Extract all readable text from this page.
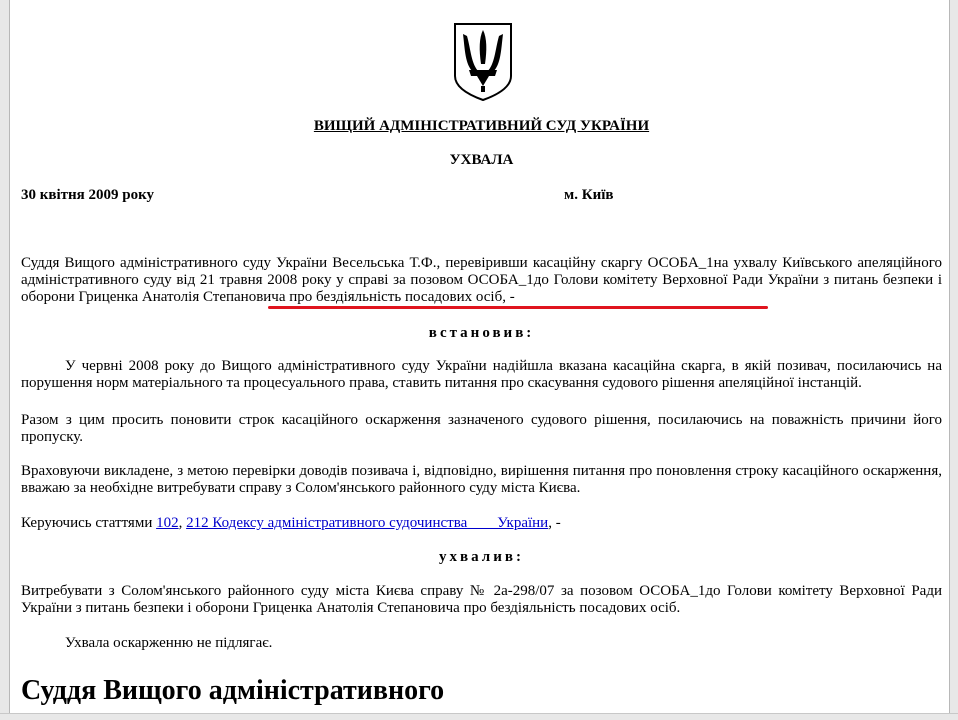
ВИЩИЙ АДМІНІСТРАТИВНИЙ СУД УКРАЇНИ
УХВАЛА
30 квітня 2009 року	м. Київ
Суддя Вищого адміністративного суду України Весельська Т.Ф., перевіривши касаційну скаргу ОСОБА_1на ухвалу Київського апеляційного адміністративного суду від 21 травня 2008 року у справі за позовом ОСОБА_1до Голови комітету Верховної Ради України з питань безпеки і оборони Гриценка Анатолія Степановича про бездіяльність посадових осіб, -
встановив:
У червні 2008 року до Вищого адміністративного суду України надійшла вказана касаційна скарга, в якій позивач, посилаючись на порушення норм матеріального та процесуального права, ставить питання про скасування судового рішення апеляційної інстанцій.
Разом з цим просить поновити строк касаційного оскарження зазначеного судового рішення, посилаючись на поважність причини його пропуску.
Враховуючи викладене, з метою перевірки доводів позивача і, відповідно, вирішення питання про поновлення строку касаційного оскарження, вважаю за необхідне витребувати справу з Солом'янського районного суду міста Києва.
Керуючись статтями 102, 212 Кодексу адміністративного судочинства        України, -
ухвалив:
Витребувати з Солом'янського районного суду міста Києва справу № 2а-298/07 за позовом ОСОБА_1до Голови комітету Верховної Ради України з питань безпеки і оборони Гриценка Анатолія Степановича про бездіяльність посадових осіб.
Ухвала оскарженню не підлягає.
Суддя Вищого адміністративного
